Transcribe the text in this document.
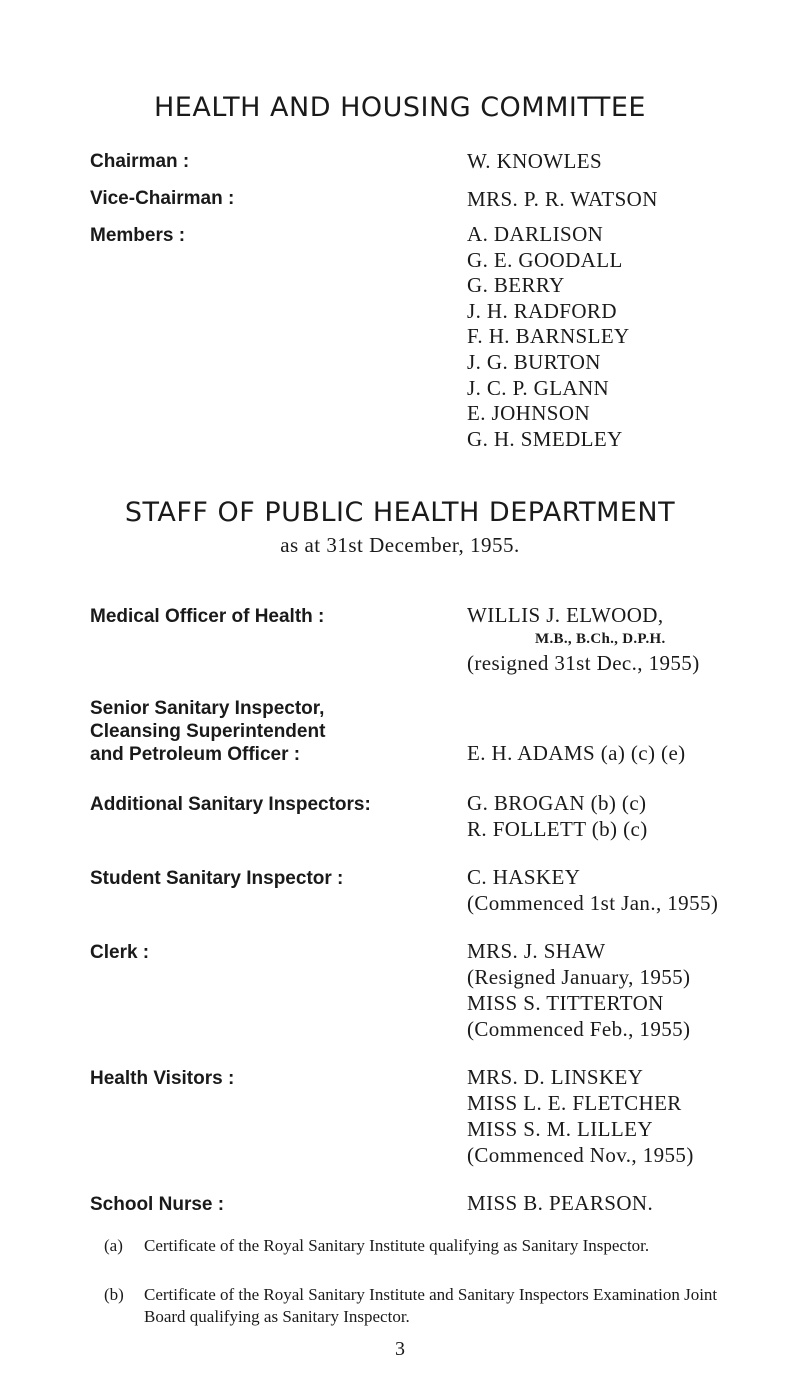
HEALTH AND HOUSING COMMITTEE
Chairman :	W. KNOWLES
Vice-Chairman :	MRS. P. R. WATSON
Members :	A. DARLISON
G. E. GOODALL
G. BERRY
J. H. RADFORD
F. H. BARNSLEY
J. G. BURTON
J. C. P. GLANN
E. JOHNSON
G. H. SMEDLEY
STAFF OF PUBLIC HEALTH DEPARTMENT
as at 31st December, 1955.
Medical Officer of Health :	WILLIS J. ELWOOD,
M.B., B.Ch., D.P.H.
(resigned 31st Dec., 1955)
Senior Sanitary Inspector,
Cleansing Superintendent
and Petroleum Officer :	E. H. ADAMS (a) (c) (e)
Additional Sanitary Inspectors:	G. BROGAN (b) (c)
R. FOLLETT (b) (c)
Student Sanitary Inspector :	C. HASKEY
(Commenced 1st Jan., 1955)
Clerk :	MRS. J. SHAW
(Resigned January, 1955)
MISS S. TITTERTON
(Commenced Feb., 1955)
Health Visitors :	MRS. D. LINSKEY
MISS L. E. FLETCHER
MISS S. M. LILLEY
(Commenced Nov., 1955)
School Nurse :	MISS B. PEARSON.
(a)	Certificate of the Royal Sanitary Institute qualifying as Sanitary Inspector.
(b)	Certificate of the Royal Sanitary Institute and Sanitary Inspectors Examination Joint Board qualifying as Sanitary Inspector.
3
